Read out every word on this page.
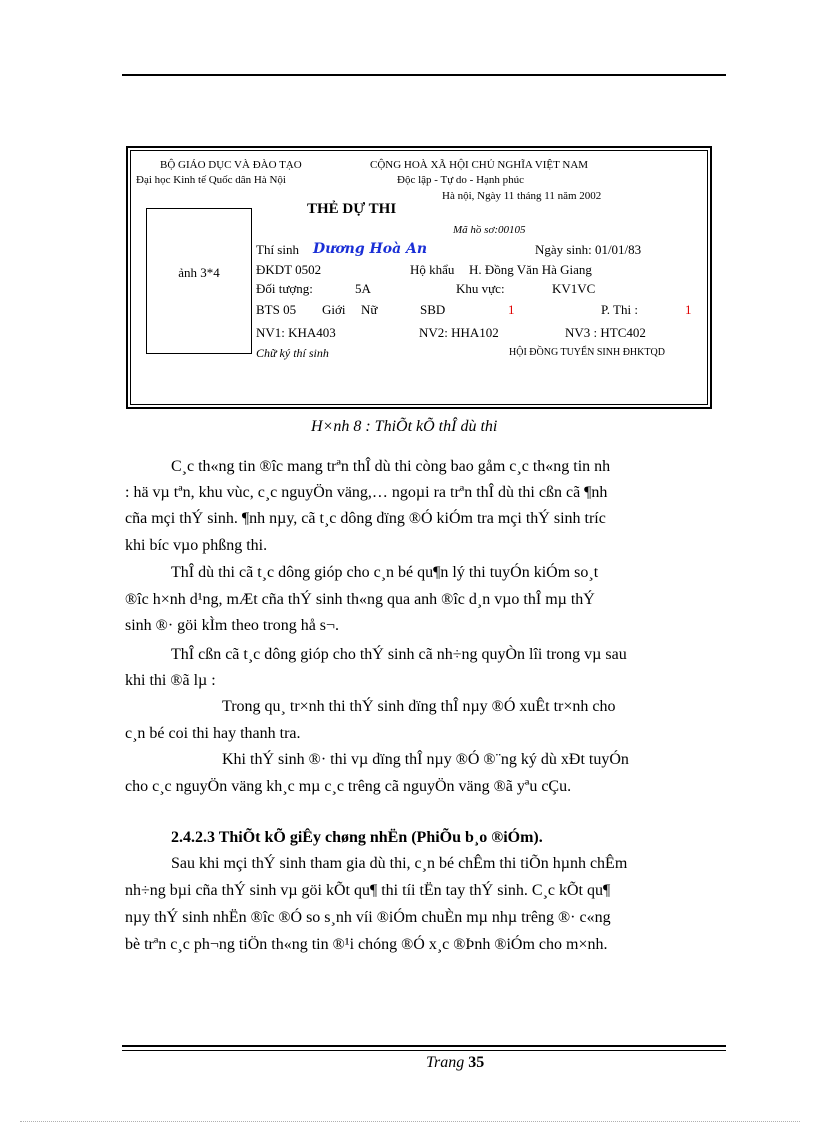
BỘ GIÁO DỤC VÀ ĐÀO TẠO	CỘNG HOÀ XÃ HỘI CHỦ NGHĨA VIỆT NAM
Đại học Kinh tế Quốc dân Hà Nội	Độc lập - Tự do - Hạnh phúc
Hà nội, Ngày 11 tháng 11 năm 2002
THẺ DỰ THI
Mã hồ sơ:00105
ảnh 3*4
Thí sinh Dương Hoà An	Ngày sinh: 01/01/83
ĐKDT 0502	Hộ khẩu H. Đồng Văn Hà Giang
Đối tượng:	5A	Khu vực:	KV1VC
BTS 05 Giới Nữ	SBD	1	P. Thi :	1
NV1: KHA403	NV2: HHA102	NV3 : HTC402
Chữ ký thí sinh	HỘI ĐỒNG TUYỂN SINH ĐHKTQD
H×nh 8 : ThiÕt kÕ thÎ dù thi
C¸c th«ng tin ®îc mang trªn thÎ dù thi còng bao gåm c¸c th«ng tin nh
: hä vµ tªn, khu vùc, c¸c nguyÖn väng,… ngoµi ra trªn thÎ dù thi cßn cã ¶nh
cña mçi thÝ sinh. ¶nh nµy, cã t¸c dông dïng ®Ó kiÓm tra mçi thÝ sinh tríc
khi bíc vµo phßng thi.
ThÎ dù thi cã t¸c dông gióp cho c¸n bé qu¶n lý thi tuyÓn kiÓm so¸t
®îc h×nh d¹ng, mÆt cña thÝ sinh th«ng qua anh ®îc d¸n vµo thÎ mµ thÝ
sinh ®· göi kÌm theo trong hå s¬.
ThÎ cßn cã t¸c dông gióp cho thÝ sinh cã nh÷ng quyÒn lîi trong vµ sau
khi thi ®ã lµ :
Trong qu¸ tr×nh thi thÝ sinh dïng thÎ nµy ®Ó xuÊt tr×nh cho
c¸n bé coi thi hay thanh tra.
Khi thÝ sinh ®· thi vµ dïng thÎ nµy ®Ó ®¨ng ký dù xÐt tuyÓn
cho c¸c nguyÖn väng kh¸c mµ c¸c trêng cã nguyÖn väng ®ã yªu cÇu.
2.4.2.3 ThiÕt kÕ giÊy chøng nhËn (PhiÕu b¸o ®iÓm).
Sau khi mçi thÝ sinh tham gia dù thi, c¸n bé chÊm thi tiÕn hµnh chÊm
nh÷ng bµi cña thÝ sinh vµ göi kÕt qu¶ thi tíi tËn tay thÝ sinh. C¸c kÕt qu¶
nµy thÝ sinh nhËn ®îc ®Ó so s¸nh víi ®iÓm chuÈn mµ nhµ trêng ®· c«ng
bè trªn c¸c ph¬ng tiÖn th«ng tin ®¹i chóng ®Ó x¸c ®Þnh ®iÓm cho m×nh.
Trang 35
